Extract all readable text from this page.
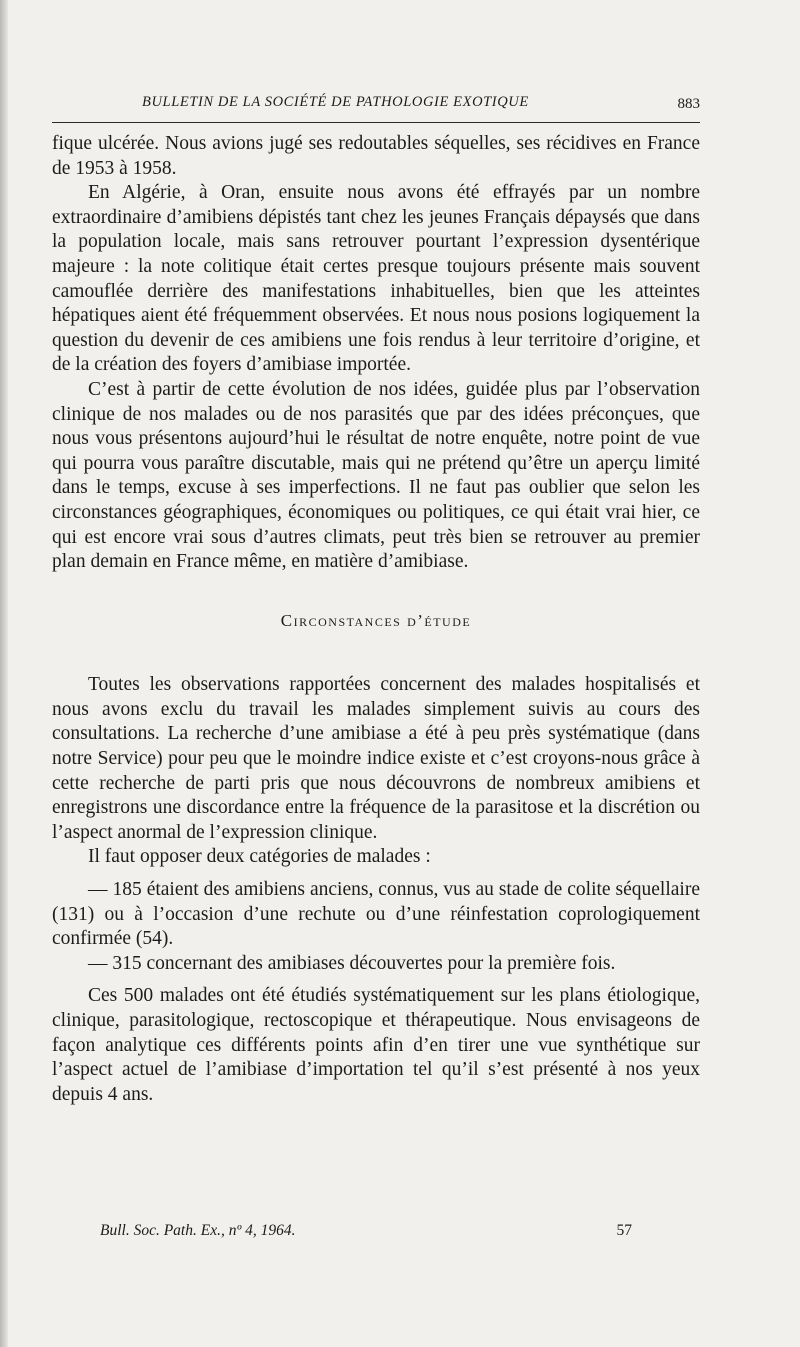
BULLETIN DE LA SOCIÉTÉ DE PATHOLOGIE EXOTIQUE	883

fique ulcérée. Nous avions jugé ses redoutables séquelles, ses récidives en France de 1953 à 1958.

En Algérie, à Oran, ensuite nous avons été effrayés par un nombre extraordinaire d’amibiens dépistés tant chez les jeunes Français dépaysés que dans la population locale, mais sans retrouver pourtant l’expression dysentérique majeure : la note colitique était certes presque toujours présente mais souvent camouflée derrière des manifestations inhabituelles, bien que les atteintes hépatiques aient été fréquemment observées. Et nous nous posions logiquement la question du devenir de ces amibiens une fois rendus à leur territoire d’origine, et de la création des foyers d’amibiase importée.

C’est à partir de cette évolution de nos idées, guidée plus par l’observation clinique de nos malades ou de nos parasités que par des idées préconçues, que nous vous présentons aujourd’hui le résultat de notre enquête, notre point de vue qui pourra vous paraître discutable, mais qui ne prétend qu’être un aperçu limité dans le temps, excuse à ses imperfections. Il ne faut pas oublier que selon les circonstances géographiques, économiques ou politiques, ce qui était vrai hier, ce qui est encore vrai sous d’autres climats, peut très bien se retrouver au premier plan demain en France même, en matière d’amibiase.

Circonstances d’étude

Toutes les observations rapportées concernent des malades hospitalisés et nous avons exclu du travail les malades simplement suivis au cours des consultations. La recherche d’une amibiase a été à peu près systématique (dans notre Service) pour peu que le moindre indice existe et c’est croyons-nous grâce à cette recherche de parti pris que nous découvrons de nombreux amibiens et enregistrons une discordance entre la fréquence de la parasitose et la discrétion ou l’aspect anormal de l’expression clinique.

Il faut opposer deux catégories de malades :

— 185 étaient des amibiens anciens, connus, vus au stade de colite séquellaire (131) ou à l’occasion d’une rechute ou d’une réinfestation coprologiquement confirmée (54).

— 315 concernant des amibiases découvertes pour la première fois.

Ces 500 malades ont été étudiés systématiquement sur les plans étiologique, clinique, parasitologique, rectoscopique et thérapeutique. Nous envisageons de façon analytique ces différents points afin d’en tirer une vue synthétique sur l’aspect actuel de l’amibiase d’importation tel qu’il s’est présenté à nos yeux depuis 4 ans.

Bull. Soc. Path. Ex., nº 4, 1964.	57
